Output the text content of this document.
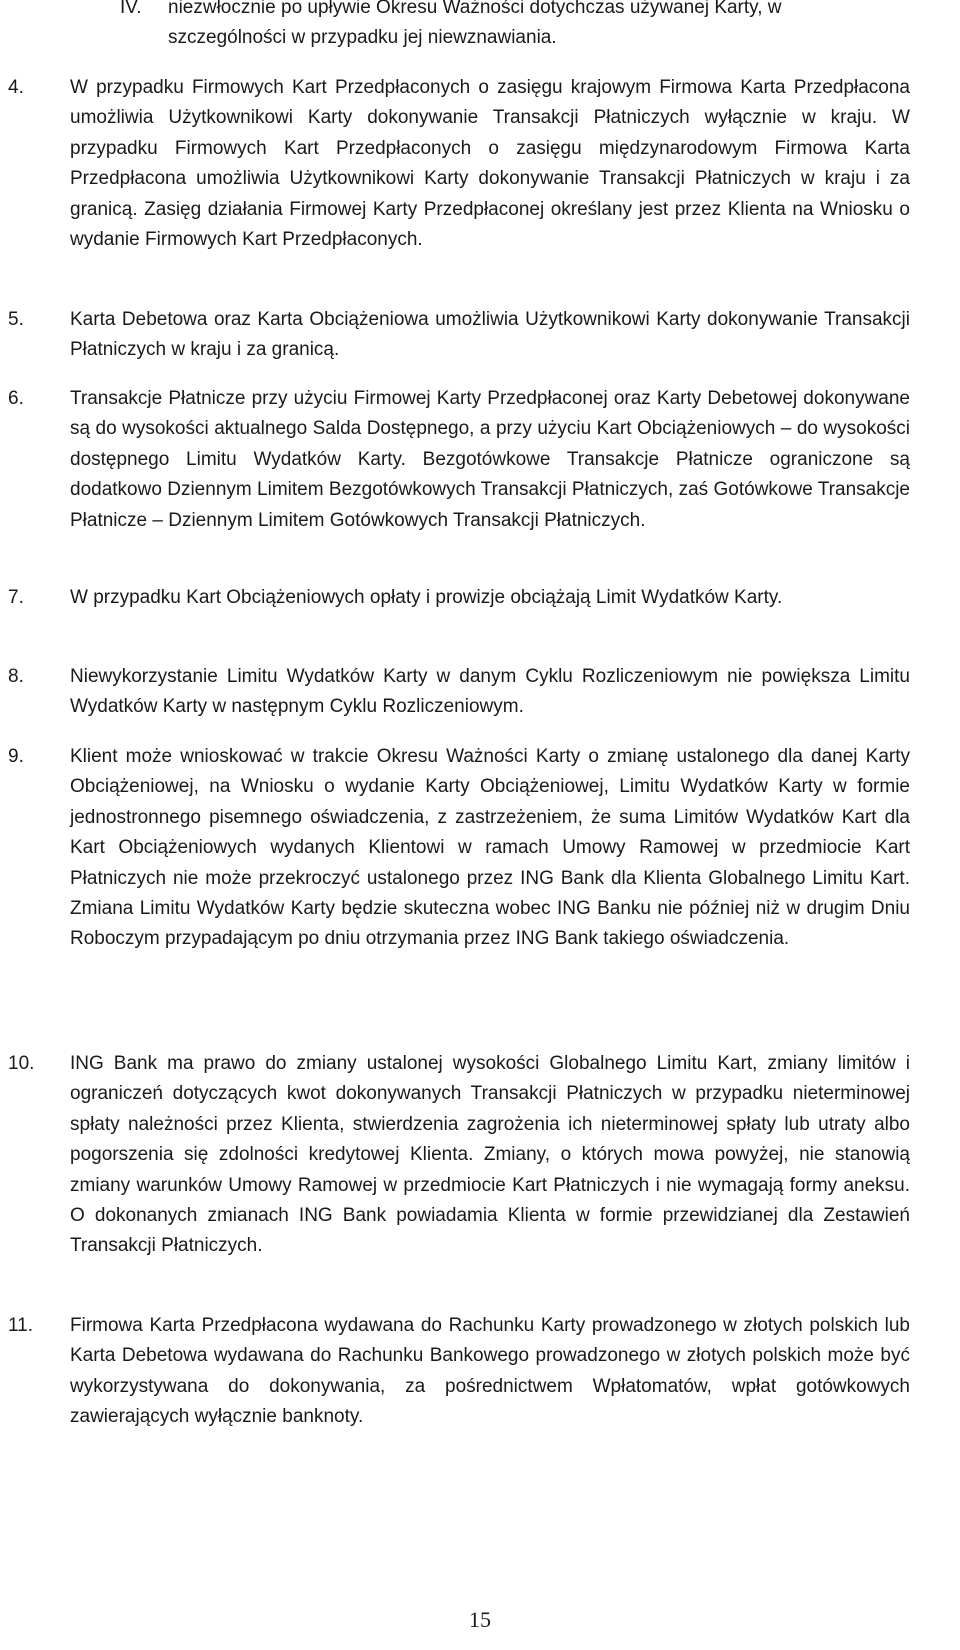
IV. niezwłocznie po upływie Okresu Ważności dotychczas używanej Karty, w szczególności w przypadku jej niewznawiania.

4. W przypadku Firmowych Kart Przedpłaconych o zasięgu krajowym Firmowa Karta Przedpłacona umożliwia Użytkownikowi Karty dokonywanie Transakcji Płatniczych wyłącznie w kraju. W przypadku Firmowych Kart Przedpłaconych o zasięgu międzynarodowym Firmowa Karta Przedpłacona umożliwia Użytkownikowi Karty dokonywanie Transakcji Płatniczych w kraju i za granicą. Zasięg działania Firmowej Karty Przedpłaconej określany jest przez Klienta na Wniosku o wydanie Firmowych Kart Przedpłaconych.

5. Karta Debetowa oraz Karta Obciążeniowa umożliwia Użytkownikowi Karty dokonywanie Transakcji Płatniczych w kraju i za granicą.

6. Transakcje Płatnicze przy użyciu Firmowej Karty Przedpłaconej oraz Karty Debetowej dokonywane są do wysokości aktualnego Salda Dostępnego, a przy użyciu Kart Obciążeniowych – do wysokości dostępnego Limitu Wydatków Karty. Bezgotówkowe Transakcje Płatnicze ograniczone są dodatkowo Dziennym Limitem Bezgotówkowych Transakcji Płatniczych, zaś Gotówkowe Transakcje Płatnicze – Dziennym Limitem Gotówkowych Transakcji Płatniczych.

7. W przypadku Kart Obciążeniowych opłaty i prowizje obciążają Limit Wydatków Karty.

8. Niewykorzystanie Limitu Wydatków Karty w danym Cyklu Rozliczeniowym nie powiększa Limitu Wydatków Karty w następnym Cyklu Rozliczeniowym.

9. Klient może wnioskować w trakcie Okresu Ważności Karty o zmianę ustalonego dla danej Karty Obciążeniowej, na Wniosku o wydanie Karty Obciążeniowej, Limitu Wydatków Karty w formie jednostronnego pisemnego oświadczenia, z zastrzeżeniem, że suma Limitów Wydatków Kart dla Kart Obciążeniowych wydanych Klientowi w ramach Umowy Ramowej w przedmiocie Kart Płatniczych nie może przekroczyć ustalonego przez ING Bank dla Klienta Globalnego Limitu Kart. Zmiana Limitu Wydatków Karty będzie skuteczna wobec ING Banku nie później niż w drugim Dniu Roboczym przypadającym po dniu otrzymania przez ING Bank takiego oświadczenia.

10. ING Bank ma prawo do zmiany ustalonej wysokości Globalnego Limitu Kart, zmiany limitów i ograniczeń dotyczących kwot dokonywanych Transakcji Płatniczych w przypadku nieterminowej spłaty należności przez Klienta, stwierdzenia zagrożenia ich nieterminowej spłaty lub utraty albo pogorszenia się zdolności kredytowej Klienta. Zmiany, o których mowa powyżej, nie stanowią zmiany warunków Umowy Ramowej w przedmiocie Kart Płatniczych i nie wymagają formy aneksu. O dokonanych zmianach ING Bank powiadamia Klienta w formie przewidzianej dla Zestawień Transakcji Płatniczych.

11. Firmowa Karta Przedpłacona wydawana do Rachunku Karty prowadzonego w złotych polskich lub Karta Debetowa wydawana do Rachunku Bankowego prowadzonego w złotych polskich może być wykorzystywana do dokonywania, za pośrednictwem Wpłatomatów, wpłat gotówkowych zawierających wyłącznie banknoty.

15
